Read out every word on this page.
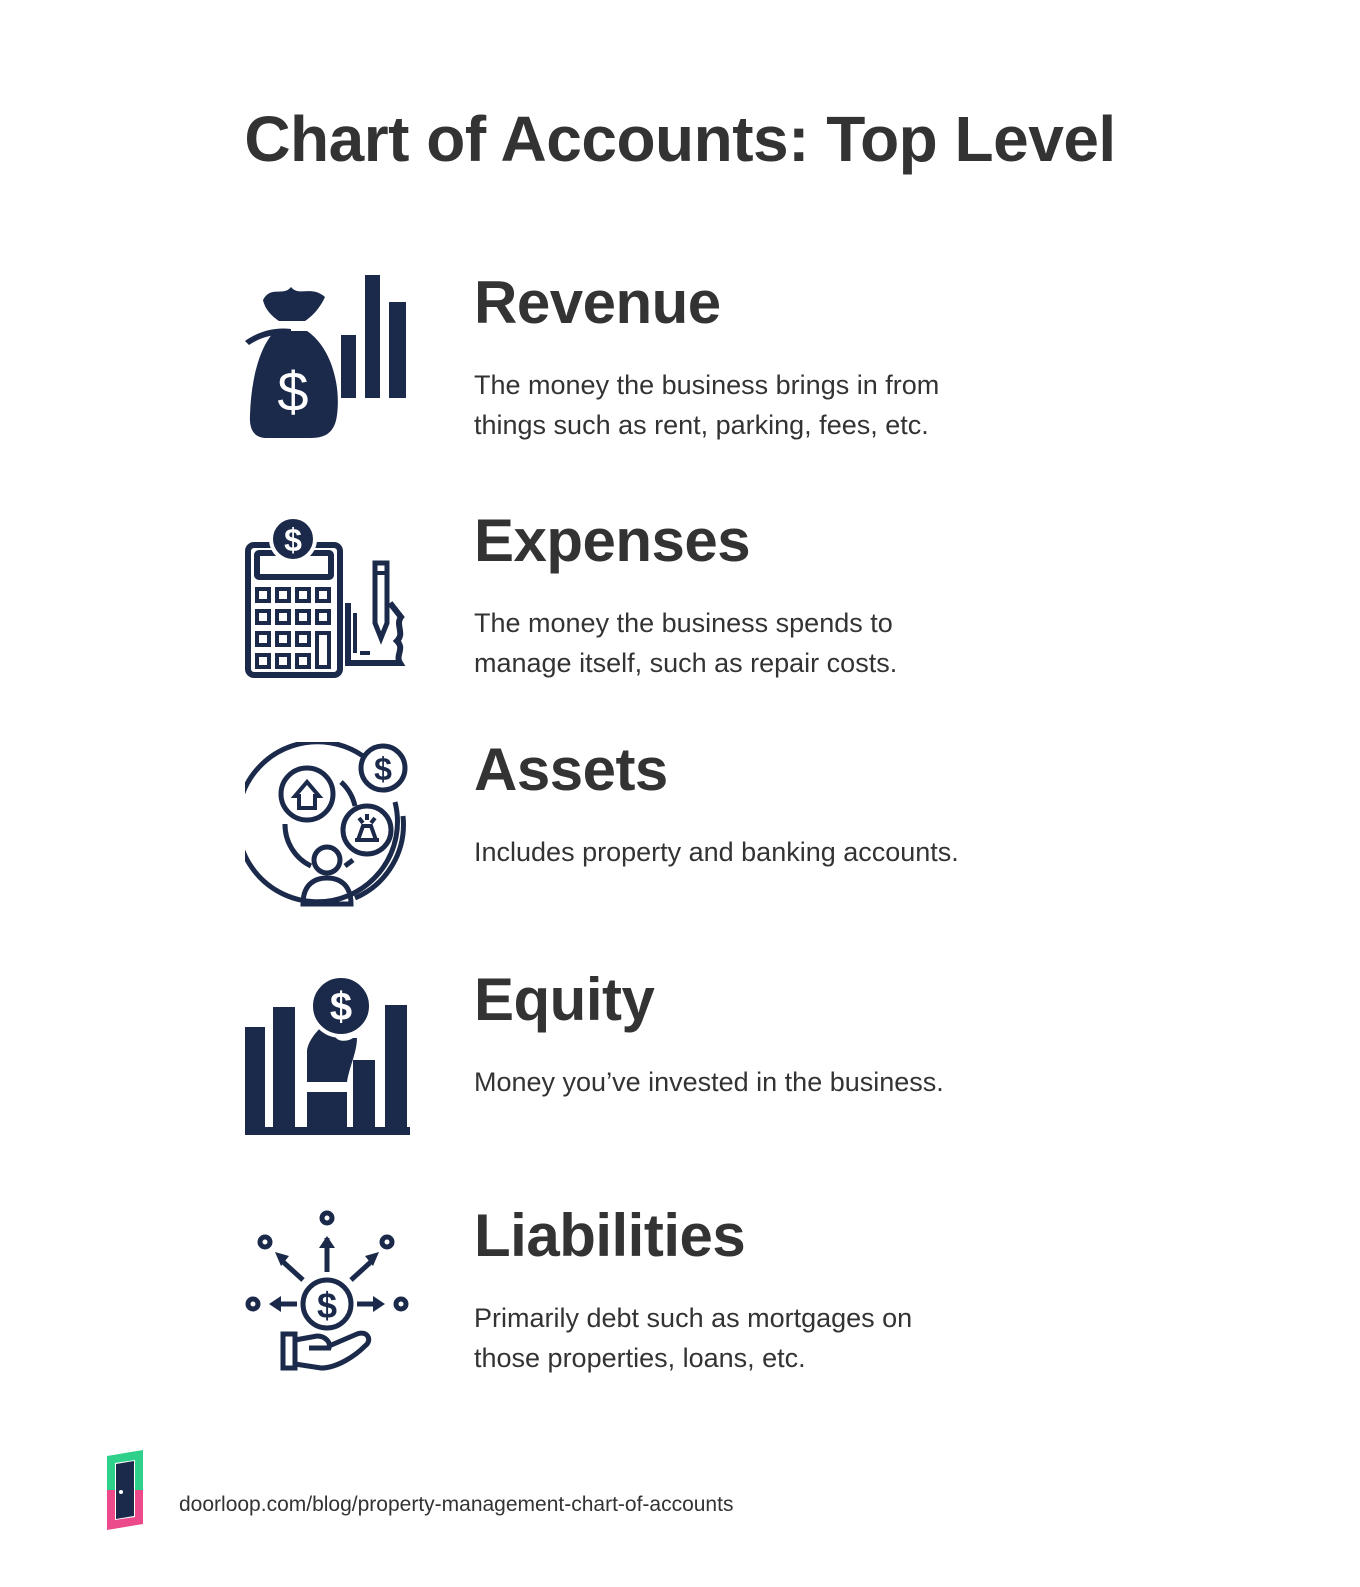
Chart of Accounts: Top Level
$
Revenue
The money the business brings in from things such as rent, parking, fees, etc.
$	Expenses
The money the business spends to manage itself, such as repair costs.
$ Assets
Includes property and banking accounts.
$ Equity
Money you’ve invested in the business.
$
Liabilities
Primarily debt such as mortgages on those properties, loans, etc.
doorloop.com/blog/property-management-chart-of-accounts
